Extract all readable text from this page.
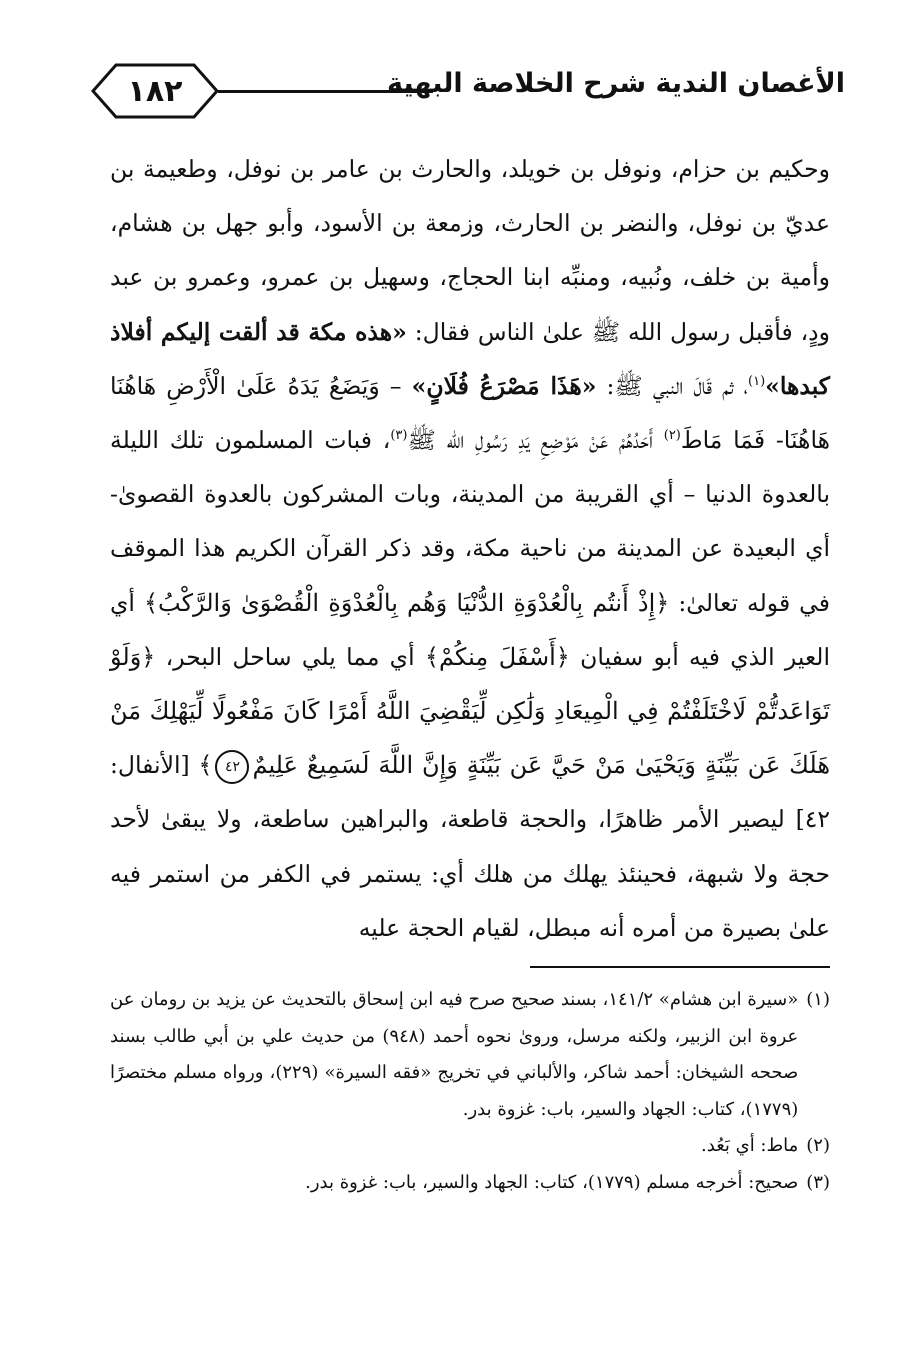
١٨٢	الأغصان الندية شرح الخلاصة البهية

وحكيم بن حزام، ونوفل بن خويلد، والحارث بن عامر بن نوفل، وطعيمة بن عديّ بن نوفل، والنضر بن الحارث، وزمعة بن الأسود، وأبو جهل بن هشام، وأمية بن خلف، ونُبيه، ومنبِّه ابنا الحجاج، وسهيل بن عمرو، وعمرو بن عبد ودٍ، فأقبل رسول الله ﷺ علىٰ الناس فقال: «هذه مكة قد ألقت إليكم أفلاذ كبدها»$^{(١)}$، ثم قَالَ النبي ﷺ: «هَذَا مَصْرَعُ فُلَانٍ» – وَيَضَعُ يَدَهُ عَلَىٰ الْأَرْضِ هَاهُنَا هَاهُنَا- فَمَا مَاطَ$^{(٢)}$ أَحَدُهُمْ عَنْ مَوْضِعِ يَدِ رَسُولِ الله ﷺ$^{(٣)}$، فبات المسلمون تلك الليلة بالعدوة الدنيا – أي القريبة من المدينة، وبات المشركون بالعدوة القصوىٰ- أي البعيدة عن المدينة من ناحية مكة، وقد ذكر القرآن الكريم هذا الموقف في قوله تعالىٰ: ﴿إِذْ أَنتُم بِالْعُدْوَةِ الدُّنْيَا وَهُم بِالْعُدْوَةِ الْقُصْوَىٰ وَالرَّكْبُ﴾ أي العير الذي فيه أبو سفيان ﴿أَسْفَلَ مِنكُمْ﴾ أي مما يلي ساحل البحر، ﴿وَلَوْ تَوَاعَدتُّمْ لَاخْتَلَفْتُمْ فِي الْمِيعَادِ وَلَٰكِن لِّيَقْضِيَ اللَّهُ أَمْرًا كَانَ مَفْعُولًا لِّيَهْلِكَ مَنْ هَلَكَ عَن بَيِّنَةٍ وَيَحْيَىٰ مَنْ حَيَّ عَن بَيِّنَةٍ وَإِنَّ اللَّهَ لَسَمِيعٌ عَلِيمٌ٤٢﴾ [الأنفال: ٤٢] ليصير الأمر ظاهرًا، والحجة قاطعة، والبراهين ساطعة، ولا يبقىٰ لأحد حجة ولا شبهة، فحينئذ يهلك من هلك أي: يستمر في الكفر من استمر فيه علىٰ بصيرة من أمره أنه مبطل، لقيام الحجة عليه

(١)
«سيرة ابن هشام» ١٤١/٢، بسند صحيح صرح فيه ابن إسحاق بالتحديث عن يزيد بن رومان عن عروة ابن الزبير، ولكنه مرسل، وروىٰ نحوه أحمد (٩٤٨) من حديث علي بن أبي طالب بسند صححه الشيخان: أحمد شاكر، والألباني في تخريج «فقه السيرة» (٢٢٩)، ورواه مسلم مختصرًا (١٧٧٩)، كتاب: الجهاد والسير، باب: غزوة بدر.
(٢)
ماط: أي بَعُد.
(٣)
صحيح: أخرجه مسلم (١٧٧٩)، كتاب: الجهاد والسير، باب: غزوة بدر.
